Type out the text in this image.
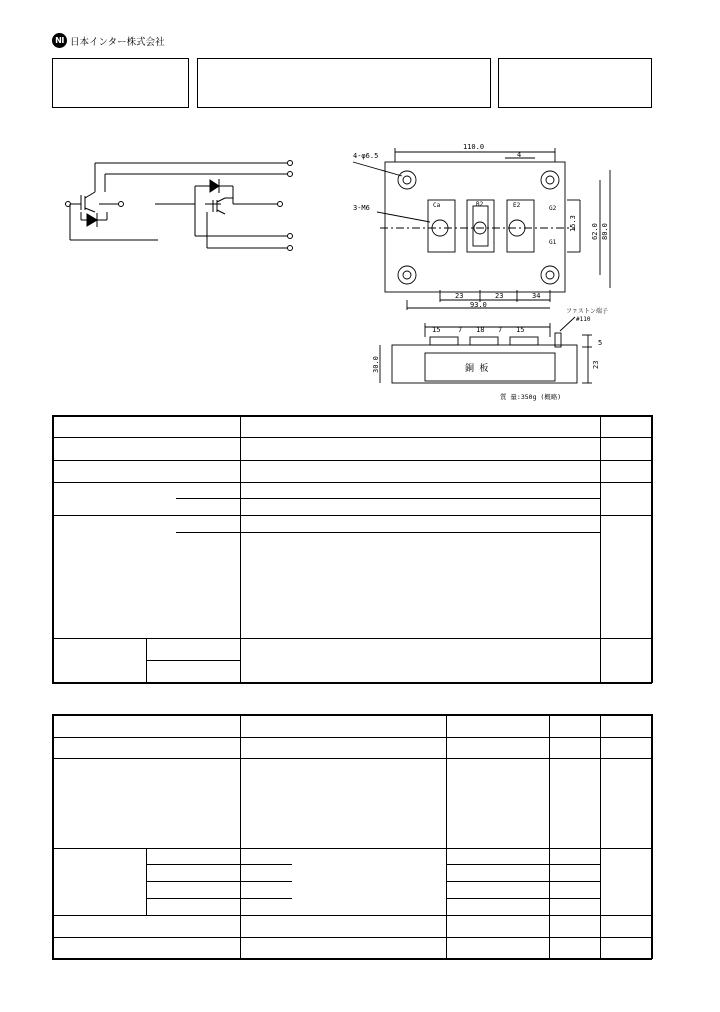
NI 日本インター株式会社
4-φ6.5
3-M6
110.0
4
Ca	B2	E2	G2
G1
23	23	34
93.0
15.3 62.0 80.0
15	7 18 7 15
ファストン端子
#110
銅 板
質 量:350g (概略)
30.0
5
23
